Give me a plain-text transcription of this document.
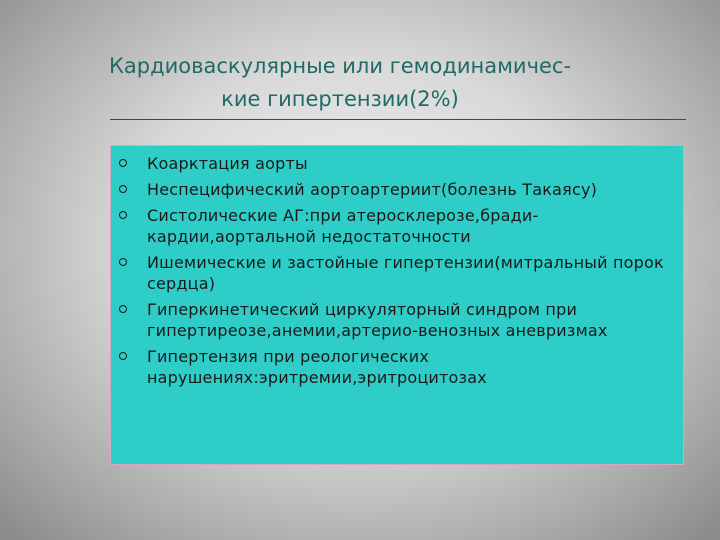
Кардиоваскулярные или гемодинамичес-
кие гипертензии(2%)
Коарктация аорты
Неспецифический аортоартериит(болезнь Такаясу)
Систолические АГ:при атеросклерозе,бради-кардии,аортальной недостаточности
Ишемические и застойные гипертензии(митральный порок сердца)
Гиперкинетический циркуляторный синдром при гипертиреозе,анемии,артерио-венозных аневризмах
Гипертензия при реологических нарушениях:эритремии,эритроцитозах
